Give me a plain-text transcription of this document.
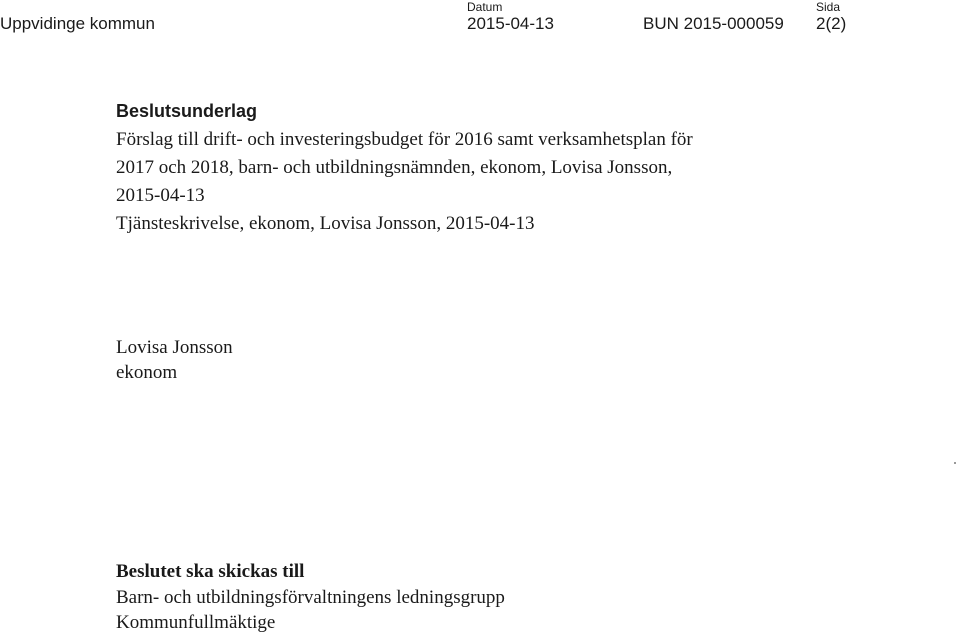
Uppvidinge kommun
Datum
2015-04-13	BUN 2015-000059
Sida
2(2)
Beslutsunderlag
Förslag till drift- och investeringsbudget för 2016 samt verksamhetsplan för
2017 och 2018, barn- och utbildningsnämnden, ekonom, Lovisa Jonsson,
2015-04-13
Tjänsteskrivelse, ekonom, Lovisa Jonsson, 2015-04-13
Lovisa Jonsson
ekonom
Beslutet ska skickas till
Barn- och utbildningsförvaltningens ledningsgrupp
Kommunfullmäktige
